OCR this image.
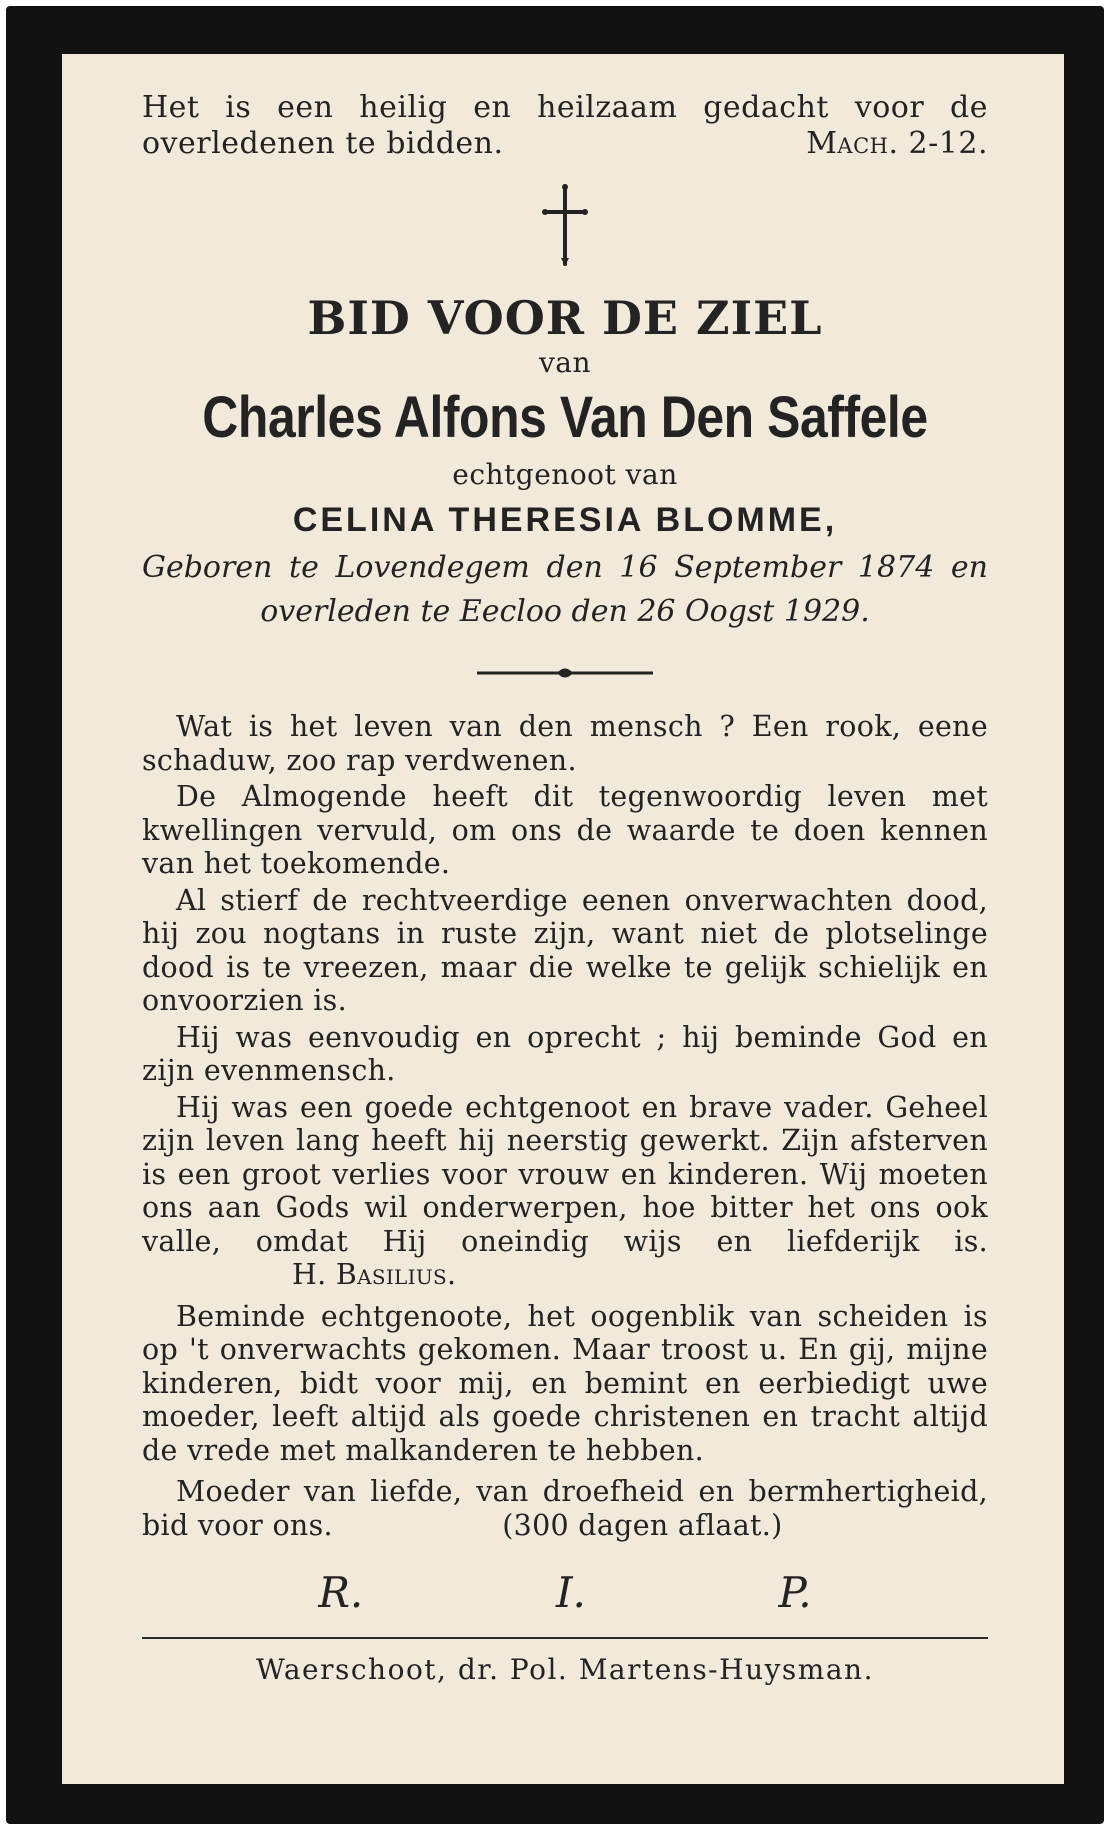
Het is een heilig en heilzaam gedacht voor de
overledenen te bidden.	Mach. 2-12.
BID VOOR DE ZIEL
van
Charles Alfons Van Den Saffele
echtgenoot van
CELINA THERESIA BLOMME,
Geboren te Lovendegem den 16 September 1874 en
overleden te Eecloo den 26 Oogst 1929.

Wat is het leven van den mensch ? Een rook, eene schaduw, zoo rap verdwenen.

De Almogende heeft dit tegenwoordig leven met kwellingen vervuld, om ons de waarde te doen kennen van het toekomende.

Al stierf de rechtveerdige eenen onverwachten dood, hij zou nogtans in ruste zijn, want niet de plotselinge dood is te vreezen, maar die welke te gelijk schielijk en onvoorzien is.

Hij was eenvoudig en oprecht ; hij beminde God en zijn evenmensch.

Hij was een goede echtgenoot en brave vader. Geheel zijn leven lang heeft hij neerstig gewerkt. Zijn afsterven is een groot verlies voor vrouw en kinderen. Wij moeten ons aan Gods wil onderwerpen, hoe bitter het ons ook valle, omdat Hij oneindig wijs en liefderijk is. H. Basilius.

Beminde echtgenoote, het oogenblik van scheiden is op 't onverwachts gekomen. Maar troost u. En gij, mijne kinderen, bidt voor mij, en bemint en eerbiedigt uwe moeder, leeft altijd als goede christenen en tracht altijd de vrede met malkanderen te hebben.

Moeder van liefde, van droefheid en bermhertigheid, bid voor ons.	(300 dagen aflaat.)

R.	I.	P.
Waerschoot, dr. Pol. Martens-Huysman.
